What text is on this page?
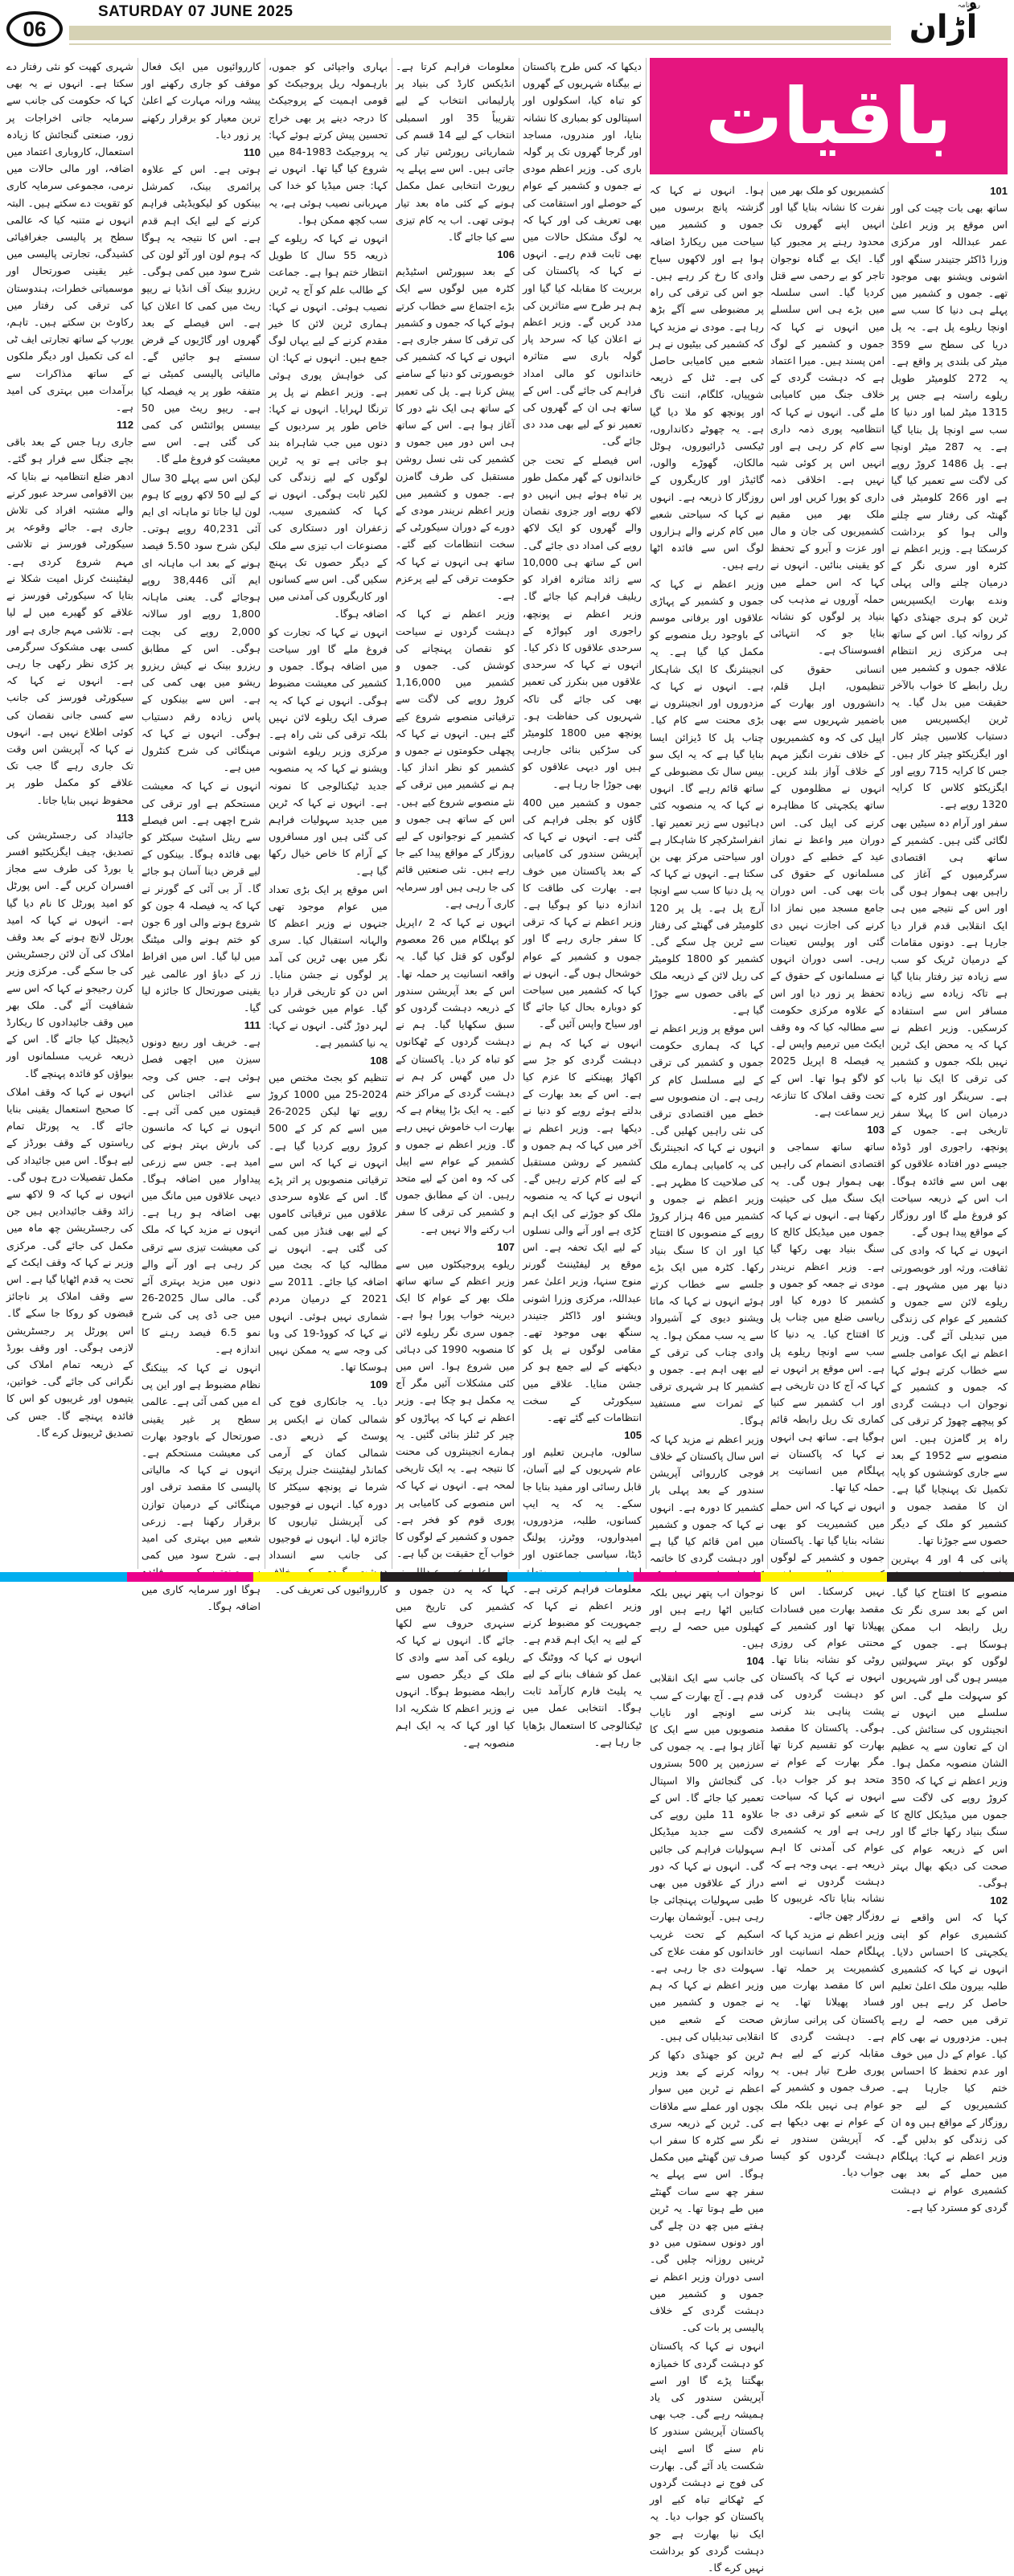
06
SATURDAY 07 JUNE 2025	روزنامہ
اُڑان
باقیات
101

ساتھ بھی بات چیت کی اور اس موقع پر وزیر اعلیٰ عمر عبداللہ اور مرکزی وزرا ڈاکٹر جتیندر سنگھ اور اشونی ویشنو بھی موجود تھے۔ جموں و کشمیر میں پہلے ہی دنیا کا سب سے اونچا ریلوے پل ہے۔ یہ پل دریا کی سطح سے 359 میٹر کی بلندی پر واقع ہے۔ یہ 272 کلومیٹر طویل ریلوے راستہ ہے جس پر 1315 میٹر لمبا اور دنیا کا سب سے اونچا پل بنایا گیا ہے۔ یہ 287 میٹر اونچا ہے۔ پل 1486 کروڑ روپے کی لاگت سے تعمیر کیا گیا ہے اور 266 کلومیٹر فی گھنٹہ کی رفتار سے چلنے والی ہوا کو برداشت کرسکتا ہے۔ وزیر اعظم نے کٹرہ اور سری نگر کے درمیان چلنے والی پہلی وندے بھارت ایکسپریس ٹرین کو ہری جھنڈی دکھا کر روانہ کیا۔ اس کے ساتھ ہی مرکزی زیر انتظام علاقہ جموں و کشمیر میں ریل رابطے کا خواب بالآخر حقیقت میں بدل گیا۔ یہ ٹرین ایکسپریس میں دستیاب کلاسیں چیئر کار اور ایگزیکٹو چیئر کار ہیں۔ جس کا کرایہ 715 روپے اور ایگزیکٹو کلاس کا کرایہ 1320 روپے ہے۔

سفر اور آرام دہ سیٹیں بھی لگائی گئی ہیں۔ کشمیر کے ساتھ ہی اقتصادی سرگرمیوں کے آغاز کی راہیں بھی ہموار ہوں گی اور اس کے نتیجے میں ہی ایک انقلابی قدم قرار دیا جارہا ہے۔ دونوں مقامات کے درمیان ٹریک کو سب سے زیادہ تیز رفتار بنایا گیا ہے تاکہ زیادہ سے زیادہ مسافر اس سے استفادہ کرسکیں۔ وزیر اعظم نے کہا کہ یہ محض ایک ٹرین نہیں بلکہ جموں و کشمیر کی ترقی کا ایک نیا باب ہے۔ سرینگر اور کٹرہ کے درمیان اس کا پہلا سفر تاریخی ہے۔ جموں کے پونچھ، راجوری اور ڈوڈہ جیسے دور افتادہ علاقوں کو بھی اس سے فائدہ ہوگا۔ اب اس کے ذریعہ سیاحت کو فروغ ملے گا اور روزگار کے مواقع پیدا ہوں گے۔

انہوں نے کہا کہ وادی کی ثقافت، ورثہ اور خوبصورتی دنیا بھر میں مشہور ہے۔ ریلوے لائن سے جموں و کشمیر کے عوام کی زندگی میں تبدیلی آئے گی۔ وزیر اعظم نے ایک عوامی جلسے سے خطاب کرتے ہوئے کہا کہ جموں و کشمیر کے نوجوان اب دہشت گردی کو پیچھے چھوڑ کر ترقی کی راہ پر گامزن ہیں۔ اس منصوبے سے 1952 کے بعد سے جاری کوششوں کو پایہ تکمیل تک پہنچایا گیا ہے۔ ان کا مقصد جموں و کشمیر کو ملک کے دیگر حصوں سے جوڑنا تھا۔

پانی کی 4 اور 4 بہترین منصوبے کا افتتاح کیا گیا۔ اس کے بعد سری نگر تک ریل رابطہ اب ممکن ہوسکا ہے۔ جموں کے لوگوں کو بہتر سہولتیں میسر ہوں گی اور شہریوں کو سہولت ملے گی۔ اس سلسلے میں انہوں نے انجینئروں کی ستائش کی۔ ان کے تعاون سے یہ عظیم الشان منصوبہ مکمل ہوا۔ وزیر اعظم نے کہا کہ 350 کروڑ روپے کی لاگت سے جموں میں میڈیکل کالج کا سنگ بنیاد رکھا جائے گا اور اس کے ذریعہ عوام کی صحت کی دیکھ بھال بہتر ہوگی۔

102

کہا کہ اس واقعے نے کشمیری عوام کو اپنی یکجہتی کا احساس دلایا۔ انہوں نے کہا کہ کشمیری طلبہ بیرون ملک اعلیٰ تعلیم حاصل کر رہے ہیں اور ترقی میں حصہ لے رہے ہیں۔ مزدوروں نے بھی کام کیا۔ عوام کے دل میں خوف اور عدم تحفظ کا احساس ختم کیا جارہا ہے۔ کشمیریوں کے لیے جو روزگار کے مواقع ہیں وہ ان کی زندگی کو بدلیں گے۔ وزیر اعظم نے کہا: پہلگام میں حملے کے بعد بھی کشمیری عوام نے دہشت گردی کو مسترد کیا ہے۔

کشمیریوں کو ملک بھر میں نفرت کا نشانہ بنایا گیا اور انہیں اپنے گھروں تک محدود رہنے پر مجبور کیا گیا۔ ایک بے گناہ نوجوان تاجر کو بے رحمی سے قتل کردیا گیا۔ اسی سلسلہ میں بڑے ہی اس سلسلے میں انہوں نے کہا کہ جموں و کشمیر کے لوگ امن پسند ہیں۔ میرا اعتماد ہے کہ دہشت گردی کے خلاف جنگ میں کامیابی ملے گی۔ انہوں نے کہا کہ انتظامیہ پوری ذمہ داری سے کام کر رہی ہے اور انہیں اس پر کوئی شبہ نہیں ہے۔ اخلاقی ذمہ داری کو پورا کریں اور اس ملک بھر میں مقیم کشمیریوں کی جان و مال اور عزت و آبرو کے تحفظ کو یقینی بنائیں۔ انہوں نے کہا کہ اس حملے میں حملہ آوروں نے مذہب کی بنیاد پر لوگوں کو نشانہ بنایا جو کہ انتہائی افسوسناک ہے۔

انسانی حقوق کی تنظیموں، اہل قلم، دانشوروں اور بھارت کے باضمیر شہریوں سے بھی اپیل کی کہ وہ کشمیریوں کے خلاف نفرت انگیز مہم کے خلاف آواز بلند کریں۔ انہوں نے مظلوموں کے ساتھ یکجہتی کا مظاہرہ کرنے کی اپیل کی۔ اس دوران میر واعظ نے نماز عید کے خطبے کے دوران مسلمانوں کے حقوق کی بات بھی کی۔ اس دوران جامع مسجد میں نماز ادا کرنے کی اجازت نہیں دی گئی اور پولیس تعینات رہی۔ اسی دوران انہوں نے مسلمانوں کے حقوق کے تحفظ پر زور دیا اور اس کے علاوہ مرکزی حکومت سے مطالبہ کیا کہ وہ وقف ایکٹ میں ترمیم واپس لے۔ یہ فیصلہ 8 اپریل 2025 کو لاگو ہوا تھا۔ اس کے تحت وقف املاک کا تنازعہ زیر سماعت ہے۔

103

ساتھ ساتھ سماجی و اقتصادی انضمام کی راہیں بھی ہموار ہوں گی۔ یہ ایک سنگ میل کی حیثیت رکھتا ہے۔ انہوں نے کہا کہ جموں میں میڈیکل کالج کا سنگ بنیاد بھی رکھا گیا ہے۔ وزیر اعظم نریندر مودی نے جمعہ کو جموں و کشمیر کا دورہ کیا اور ریاسی ضلع میں چناب پل کا افتتاح کیا۔ یہ دنیا کا سب سے اونچا ریلوے پل ہے۔ اس موقع پر انہوں نے کہا کہ آج کا دن تاریخی ہے اور اب کشمیر سے کنیا کماری تک ریل رابطہ قائم ہوگیا ہے۔ ساتھ ہی انہوں نے کہا کہ پاکستان نے پہلگام میں انسانیت پر حملہ کیا تھا۔

انہوں نے کہا کہ اس حملے میں کشمیریت کو بھی نشانہ بنایا گیا تھا۔ پاکستان جموں و کشمیر کے لوگوں نہیں کرسکتا۔ اس کا مقصد بھارت میں فسادات پھیلانا تھا اور کشمیر کے محنتی عوام کی روزی روٹی کو نشانہ بنانا تھا۔ انہوں نے کہا کہ پاکستان کو دہشت گردوں کی پشت پناہی بند کرنی ہوگی۔ پاکستان کا مقصد بھارت کو تقسیم کرنا تھا مگر بھارت کے عوام نے متحد ہو کر جواب دیا۔ انہوں نے کہا کہ سیاحت کے شعبے کو ترقی دی جا رہی ہے اور یہ کشمیری عوام کی آمدنی کا اہم ذریعہ ہے۔ یہی وجہ ہے کہ دہشت گردوں نے اسے نشانہ بنایا تاکہ غریبوں کا روزگار چھن جائے۔

وزیر اعظم نے مزید کہا کہ پہلگام حملہ انسانیت اور کشمیریت پر حملہ تھا۔ اس کا مقصد بھارت میں فساد پھیلانا تھا۔ یہ پاکستان کی پرانی سازش ہے۔ دہشت گردی کا مقابلہ کرنے کے لیے ہم پوری طرح تیار ہیں۔ یہ صرف جموں و کشمیر کے عوام ہی نہیں بلکہ ملک کے عوام نے بھی دیکھا ہے کہ آپریشن سندور نے دہشت گردوں کو کیسا جواب دیا۔

ہوا۔ انہوں نے کہا کہ گزشتہ پانچ برسوں میں جموں و کشمیر میں سیاحت میں ریکارڈ اضافہ ہوا ہے اور لاکھوں سیاح وادی کا رخ کر رہے ہیں۔ جو اس کی ترقی کی راہ پر مضبوطی سے آگے بڑھ رہا ہے۔ مودی نے مزید کہا کہ کشمیر کی بیٹیوں نے ہر شعبے میں کامیابی حاصل کی ہے۔ ٹنل کے ذریعہ شوپیاں، کلگام، اننت ناگ اور پونچھ کو ملا دیا گیا ہے۔ یہ چھوٹے دکانداروں، ٹیکسی ڈرائیوروں، ہوٹل مالکان، گھوڑے والوں، گائیڈز اور کاریگروں کے روزگار کا ذریعہ ہے۔ انہوں نے کہا کہ سیاحتی شعبے میں کام کرنے والے ہزاروں لوگ اس سے فائدہ اٹھا رہے ہیں۔

وزیر اعظم نے کہا کہ جموں و کشمیر کے پہاڑی علاقوں اور برفانی موسم کے باوجود ریل منصوبے کو مکمل کیا گیا ہے۔ یہ انجینئرنگ کا ایک شاہکار ہے۔ انہوں نے کہا کہ مزدوروں اور انجینئروں نے بڑی محنت سے کام کیا۔ چناب پل کا ڈیزائن ایسا بنایا گیا ہے کہ یہ ایک سو بیس سال تک مضبوطی کے ساتھ قائم رہے گا۔ انہوں نے کہا کہ یہ منصوبہ کئی دہائیوں سے زیر تعمیر تھا۔ انفراسٹرکچر کا شاہکار ہے اور سیاحتی مرکز بھی بن سکتا ہے۔ انہوں نے کہا کہ یہ پل دنیا کا سب سے اونچا آرچ پل ہے۔ پل پر 120 کلومیٹر فی گھنٹے کی رفتار سے ٹرین چل سکے گی۔ کشمیر کو 1800 کلومیٹر کی ریل لائن کے ذریعہ ملک کے باقی حصوں سے جوڑا گیا ہے۔

اس موقع پر وزیر اعظم نے کہا کہ ہماری حکومت جموں و کشمیر کی ترقی کے لیے مسلسل کام کر رہی ہے۔ ان منصوبوں سے خطے میں اقتصادی ترقی کی نئی راہیں کھلیں گی۔ انہوں نے کہا کہ انجینئرنگ کی یہ کامیابی ہمارے ملک کی صلاحیت کا مظہر ہے۔ وزیر اعظم نے جموں و کشمیر میں 46 ہزار کروڑ روپے کے منصوبوں کا افتتاح کیا اور ان کا سنگ بنیاد رکھا۔ کٹرہ میں ایک بڑے جلسے سے خطاب کرتے ہوئے انہوں نے کہا کہ ماتا ویشنو دیوی کے آشیرواد سے یہ سب ممکن ہوا۔ یہ وادی چناب کی ترقی کے لیے بھی اہم ہے۔ جموں و کشمیر کا ہر شہری ترقی کے ثمرات سے مستفید ہوگا۔

وزیر اعظم نے مزید کہا کہ اس سال پاکستان کے خلاف فوجی کارروائی آپریشن سندور کے بعد پہلی بار کشمیر کا دورہ ہے۔ انہوں نے کہا کہ جموں و کشمیر میں امن قائم کیا گیا ہے اور دہشت گردی کا خاتمہ نوجوان اب پتھر نہیں بلکہ کتابیں اٹھا رہے ہیں اور کھیلوں میں حصہ لے رہے ہیں۔

104

کی جانب سے ایک انقلابی قدم ہے۔ آج بھارت کے سب سے اونچے اور نایاب منصوبوں میں سے ایک کا آغاز ہوا ہے۔ یہ جموں کی سرزمین پر 500 بستروں کی گنجائش والا اسپتال تعمیر کیا جائے گا۔ اس کے علاوہ 11 ملین روپے کی لاگت سے جدید میڈیکل سہولیات فراہم کی جائیں گی۔ انہوں نے کہا کہ دور دراز کے علاقوں میں بھی طبی سہولیات پہنچائی جا رہی ہیں۔ آیوشمان بھارت اسکیم کے تحت غریب خاندانوں کو مفت علاج کی سہولت دی جا رہی ہے۔ وزیر اعظم نے کہا کہ ہم نے جموں و کشمیر میں صحت کے شعبے میں انقلابی تبدیلیاں کی ہیں۔

ٹرین کو جھنڈی دکھا کر روانہ کرنے کے بعد وزیر اعظم نے ٹرین میں سوار بچوں اور عملے سے ملاقات کی۔ ٹرین کے ذریعہ سری نگر سے کٹرہ کا سفر اب صرف تین گھنٹے میں مکمل ہوگا۔ اس سے پہلے یہ سفر چھ سے سات گھنٹے میں طے ہوتا تھا۔ یہ ٹرین ہفتے میں چھ دن چلے گی اور دونوں سمتوں میں دو ٹرینیں روزانہ چلیں گی۔ اسی دوران وزیر اعظم نے جموں و کشمیر میں دہشت گردی کے خلاف پالیسی پر بات کی۔

انہوں نے کہا کہ پاکستان کو دہشت گردی کا خمیازہ بھگتنا پڑے گا اور اسے آپریشن سندور کی یاد ہمیشہ رہے گی۔ جب بھی پاکستان آپریشن سندور کا نام سنے گا اسے اپنی شکست یاد آئے گی۔ بھارت کی فوج نے دہشت گردوں کے ٹھکانے تباہ کیے اور پاکستان کو جواب دیا۔ یہ ایک نیا بھارت ہے جو دہشت گردی کو برداشت نہیں کرے گا۔

دیکھا کہ کس طرح پاکستان نے بیگناہ شہریوں کے گھروں کو تباہ کیا، اسکولوں اور اسپتالوں کو بمباری کا نشانہ بنایا، اور مندروں، مساجد اور گرجا گھروں تک پر گولہ باری کی۔ وزیر اعظم مودی نے جموں و کشمیر کے عوام کے حوصلے اور استقامت کی بھی تعریف کی اور کہا کہ یہ لوگ مشکل حالات میں بھی ثابت قدم رہے۔ انہوں نے کہا کہ پاکستان کی بربریت کا مقابلہ کیا گیا اور ہم ہر طرح سے متاثرین کی مدد کریں گے۔ وزیر اعظم نے اعلان کیا کہ سرحد پار گولہ باری سے متاثرہ خاندانوں کو مالی امداد فراہم کی جائے گی۔ اس کے ساتھ ہی ان کے گھروں کی تعمیر نو کے لیے بھی مدد دی جائے گی۔

اس فیصلے کے تحت جن خاندانوں کے گھر مکمل طور پر تباہ ہوئے ہیں انہیں دو لاکھ روپے اور جزوی نقصان والے گھروں کو ایک لاکھ روپے کی امداد دی جائے گی۔ اس کے ساتھ ہی 10,000 سے زائد متاثرہ افراد کو ریلیف فراہم کیا جائے گا۔ وزیر اعظم نے پونچھ، راجوری اور کپواڑہ کے سرحدی علاقوں کا ذکر کیا۔ انہوں نے کہا کہ سرحدی علاقوں میں بنکرز کی تعمیر بھی کی جائے گی تاکہ شہریوں کی حفاظت ہو۔ پونچھ میں 1800 کلومیٹر کی سڑکیں بنائی جارہی ہیں اور دیہی علاقوں کو بھی جوڑا جا رہا ہے۔

جموں و کشمیر میں 400 گاؤں کو بجلی فراہم کی گئی ہے۔ انہوں نے کہا کہ آپریشن سندور کی کامیابی کے بعد پاکستان میں خوف ہے۔ بھارت کی طاقت کا اندازہ دنیا کو ہوگیا ہے۔ وزیر اعظم نے کہا کہ ترقی کا سفر جاری رہے گا اور جموں و کشمیر کے عوام خوشحال ہوں گے۔ انہوں نے کہا کہ کشمیر میں سیاحت کو دوبارہ بحال کیا جائے گا اور سیاح واپس آئیں گے۔

انہوں نے کہا کہ ہم نے دہشت گردی کو جڑ سے اکھاڑ پھینکنے کا عزم کیا ہے۔ اس کے بعد بھارت کے بدلتے ہوئے رویے کو دنیا نے دیکھا ہے۔ وزیر اعظم نے آخر میں کہا کہ ہم جموں و کشمیر کے روشن مستقبل کے لیے کام کرتے رہیں گے۔ انہوں نے کہا کہ یہ منصوبہ ملک کو جوڑنے کی ایک اہم کڑی ہے اور آنے والی نسلوں کے لیے ایک تحفہ ہے۔ اس موقع پر لیفٹیننٹ گورنر منوج سنہا، وزیر اعلیٰ عمر عبداللہ، مرکزی وزرا اشونی ویشنو اور ڈاکٹر جتیندر سنگھ بھی موجود تھے۔ مقامی لوگوں نے پل کو دیکھنے کے لیے جمع ہو کر جشن منایا۔ علاقے میں سیکورٹی کے سخت انتظامات کیے گئے تھے۔

105

سالوں، ماہرین تعلیم اور عام شہریوں کے لیے آسان، قابل رسائی اور مفید بنایا جا سکے۔ یہ کہ یہ ایپ کسانوں، طلبہ، مزدوروں، امیدواروں، ووٹرز، پولنگ ڈیٹا، سیاسی جماعتوں اور معلومات فراہم کرتی ہے۔ وزیر اعظم نے کہا کہ جمہوریت کو مضبوط کرنے کے لیے یہ ایک اہم قدم ہے۔ انہوں نے کہا کہ ووٹنگ کے عمل کو شفاف بنانے کے لیے یہ پلیٹ فارم کارآمد ثابت ہوگا۔ انتخابی عمل میں ٹیکنالوجی کا استعمال بڑھایا جا رہا ہے۔

معلومات فراہم کرتا ہے۔ انڈیکس کارڈ کی بنیاد پر پارلیمانی انتخاب کے لیے تقریباً 35 اور اسمبلی انتخاب کے لیے 14 قسم کی شماریاتی رپورٹس تیار کی جاتی ہیں۔ اس سے پہلے یہ رپورٹ انتخابی عمل مکمل ہونے کے کئی ماہ بعد تیار ہوتی تھی۔ اب یہ کام تیزی سے کیا جائے گا۔

106

کے بعد سپورٹس اسٹیڈیم کٹرہ میں لوگوں سے ایک بڑے اجتماع سے خطاب کرتے ہوئے کہا کہ جموں و کشمیر کی ترقی کا سفر جاری ہے۔ انہوں نے کہا کہ کشمیر کی خوبصورتی کو دنیا کے سامنے پیش کرنا ہے۔ پل کی تعمیر کے ساتھ ہی ایک نئے دور کا آغاز ہوا ہے۔ اس کے ساتھ ہی اس دور میں جموں و کشمیر کی نئی نسل روشن مستقبل کی طرف گامزن ہے۔ جموں و کشمیر میں وزیر اعظم نریندر مودی کے دورے کے دوران سیکورٹی کے سخت انتظامات کیے گئے۔ ساتھ ہی انہوں نے کہا کہ حکومت ترقی کے لیے پرعزم ہے۔

وزیر اعظم نے کہا کہ دہشت گردوں نے سیاحت کو نقصان پہنچانے کی کوشش کی۔ جموں و کشمیر میں 1,16,000 کروڑ روپے کی لاگت سے ترقیاتی منصوبے شروع کیے گئے ہیں۔ انہوں نے کہا کہ پچھلی حکومتوں نے جموں و کشمیر کو نظر انداز کیا۔ ہم نے کشمیر میں ترقی کے نئے منصوبے شروع کیے ہیں۔ اس کے ساتھ ہی جموں و کشمیر کے نوجوانوں کے لیے روزگار کے مواقع پیدا کیے جا رہے ہیں۔ نئی صنعتیں قائم کی جا رہی ہیں اور سرمایہ کاری آ رہی ہے۔

انہوں نے کہا کہ 2 ؍اپریل کو پہلگام میں 26 معصوم لوگوں کو قتل کیا گیا۔ یہ واقعہ انسانیت پر حملہ تھا۔ اس کے بعد آپریشن سندور کے ذریعہ دہشت گردوں کو سبق سکھایا گیا۔ ہم نے دہشت گردوں کے ٹھکانوں کو تباہ کر دیا۔ پاکستان کے دل میں گھس کر ہم نے دہشت گردی کے مراکز ختم کیے۔ یہ ایک بڑا پیغام ہے کہ بھارت اب خاموش نہیں رہے گا۔ وزیر اعظم نے جموں و کشمیر کے عوام سے اپیل کی کہ وہ امن کے لیے متحد رہیں۔ ان کے مطابق جموں و کشمیر کی ترقی کا سفر اب رکنے والا نہیں ہے۔

107

ریلوے پروجیکٹوں میں سے وزیر اعظم کے ساتھ ساتھ ملک بھر کے عوام کا ایک دیرینہ خواب پورا ہوا ہے۔ جموں سری نگر ریلوے لائن کا منصوبہ 1990 کی دہائی میں شروع ہوا۔ اس میں کئی مشکلات آئیں مگر آج یہ مکمل ہو چکا ہے۔ وزیر اعظم نے کہا کہ پہاڑوں کو چیر کر ٹنلز بنائی گئیں۔ یہ ہمارے انجینئروں کی محنت کا نتیجہ ہے۔ یہ ایک تاریخی لمحہ ہے۔ انہوں نے کہا کہ اس منصوبے کی کامیابی پر پوری قوم کو فخر ہے۔ جموں و کشمیر کے لوگوں کا خواب آج حقیقت بن گیا ہے۔

کہا کہ یہ دن جموں و کشمیر کی تاریخ میں سنہری حروف سے لکھا جائے گا۔ انہوں نے کہا کہ ریلوے کی آمد سے وادی کا ملک کے دیگر حصوں سے رابطہ مضبوط ہوگا۔ انہوں نے وزیر اعظم کا شکریہ ادا کیا اور کہا کہ یہ ایک اہم منصوبہ ہے۔

بہاری واجپائی کو جموں، بارہمولہ ریل پروجیکٹ کو قومی اہمیت کے پروجیکٹ کا درجہ دینے پر بھی خراج تحسین پیش کرتے ہوئے کہا: یہ پروجیکٹ 1983-84 میں شروع کیا گیا تھا۔ انہوں نے کہا: جس میڈیا کو خدا کی مہربانی نصیب ہوئی ہے، یہ سب کچھ ممکن ہوا۔

انہوں نے کہا کہ ریلوے کے ذریعہ 55 سال کا طویل انتظار ختم ہوا ہے۔ جماعت کے طالب علم کو آج یہ ٹرین نصیب ہوئی۔ انہوں نے کہا: ہماری ٹرین لائن کا خیر مقدم کرنے کے لیے یہاں لوگ جمع ہیں۔ انہوں نے کہا: ان کی خواہش پوری ہوئی ہے۔ وزیر اعظم نے پل پر ترنگا لہرایا۔ انہوں نے کہا: خاص طور پر سردیوں کے دنوں میں جب شاہراہ بند ہو جاتی ہے تو یہ ٹرین لوگوں کے لیے زندگی کی لکیر ثابت ہوگی۔ انہوں نے کہا کہ کشمیری سیب، زعفران اور دستکاری کی مصنوعات اب تیزی سے ملک کے دیگر حصوں تک پہنچ سکیں گی۔ اس سے کسانوں اور کاریگروں کی آمدنی میں اضافہ ہوگا۔

انہوں نے کہا کہ تجارت کو فروغ ملے گا اور سیاحت میں اضافہ ہوگا۔ جموں و کشمیر کی معیشت مضبوط ہوگی۔ انہوں نے کہا کہ یہ صرف ایک ریلوے لائن نہیں بلکہ ترقی کی نئی راہ ہے۔ مرکزی وزیر ریلوے اشونی ویشنو نے کہا کہ یہ منصوبہ جدید ٹیکنالوجی کا نمونہ ہے۔ انہوں نے کہا کہ ٹرین میں جدید سہولیات فراہم کی گئی ہیں اور مسافروں کے آرام کا خاص خیال رکھا گیا ہے۔

اس موقع پر ایک بڑی تعداد میں عوام موجود تھی جنہوں نے وزیر اعظم کا والہانہ استقبال کیا۔ سری نگر میں بھی ٹرین کی آمد پر لوگوں نے جشن منایا۔ اس دن کو تاریخی قرار دیا گیا۔ عوام میں خوشی کی لہر دوڑ گئی۔ انہوں نے کہا: یہ نیا کشمیر ہے۔

108

تنظیم کو بجٹ مختص میں 2024-25 میں 1000 کروڑ روپے تھا لیکن 2025-26 میں اسے کم کر کے 500 کروڑ روپے کردیا گیا ہے۔ انہوں نے کہا کہ اس سے ترقیاتی منصوبوں پر اثر پڑے گا۔ اس کے علاوہ سرحدی علاقوں میں ترقیاتی کاموں کے لیے بھی فنڈز میں کمی کی گئی ہے۔ انہوں نے مطالبہ کیا کہ بجٹ میں اضافہ کیا جائے۔ 2011 سے 2021 کے درمیان مردم شماری نہیں ہوئی۔ انہوں نے کہا کہ کووڈ-19 کی وبا کی وجہ سے یہ ممکن نہیں ہوسکا تھا۔

109

دیا۔ یہ جانکاری فوج کی شمالی کمان نے ایکس پر پوسٹ کے ذریعے دی۔ شمالی کمان کے آرمی کمانڈر لیفٹیننٹ جنرل پرتیک شرما نے پونچھ سیکٹر کا دورہ کیا۔ انہوں نے فوجیوں کی آپریشنل تیاریوں کا جائزہ لیا۔ انہوں نے فوجیوں کی جانب سے انسداد کارروائیوں کی تعریف کی۔

کارروائیوں میں ایک فعال موقف کو جاری رکھنے اور پیشہ ورانہ مہارت کے اعلیٰ ترین معیار کو برقرار رکھنے پر زور دیا۔

110

ہوتی ہے۔ اس کے علاوہ پرائمری بینک، کمرشل بینکوں کو لیکویڈیٹی فراہم کرنے کے لیے ایک اہم قدم ہے۔ اس کا نتیجہ یہ ہوگا کہ ہوم لون اور آٹو لون کی شرح سود میں کمی ہوگی۔ ریزرو بینک آف انڈیا نے ریپو ریٹ میں کمی کا اعلان کیا ہے۔ اس فیصلے کے بعد گھروں اور گاڑیوں کے قرض سستے ہو جائیں گے۔ مالیاتی پالیسی کمیٹی نے متفقہ طور پر یہ فیصلہ کیا ہے۔ ریپو ریٹ میں 50 بیسس پوائنٹس کی کمی کی گئی ہے۔ اس سے معیشت کو فروغ ملے گا۔

لیکن اس سے پہلے 30 سال کے لیے 50 لاکھ روپے کا ہوم لون لیا جاتا تو ماہانہ ای ایم آئی 40,231 روپے ہوتی۔ لیکن شرح سود 5.50 فیصد ہونے کے بعد اب ماہانہ ای ایم آئی 38,446 روپے ہوجائے گی۔ یعنی ماہانہ 1,800 روپے اور سالانہ 2,000 روپے کی بچت ہوگی۔ اس کے مطابق ریزرو بینک نے کیش ریزرو ریشو میں بھی کمی کی ہے۔ اس سے بینکوں کے پاس زیادہ رقم دستیاب ہوگی۔ انہوں نے کہا کہ مہنگائی کی شرح کنٹرول میں ہے۔

انہوں نے کہا کہ معیشت مستحکم ہے اور ترقی کی شرح اچھی ہے۔ اس فیصلے سے ریئل اسٹیٹ سیکٹر کو بھی فائدہ ہوگا۔ بینکوں کے لیے قرض دینا آسان ہو جائے گا۔ آر بی آئی کے گورنر نے کہا کہ یہ فیصلہ 4 جون کو شروع ہونے والی اور 6 جون کو ختم ہونے والی میٹنگ میں لیا گیا۔ اس میں افراط زر کے دباؤ اور عالمی غیر یقینی صورتحال کا جائزہ لیا گیا۔

111

ہے۔ خریف اور ربیع دونوں سیزن میں اچھی فصل ہوئی ہے۔ جس کی وجہ سے غذائی اجناس کی قیمتوں میں کمی آئی ہے۔ انہوں نے کہا کہ مانسون کی بارش بہتر ہونے کی امید ہے۔ جس سے زرعی پیداوار میں اضافہ ہوگا۔ دیہی علاقوں میں مانگ میں بھی اضافہ ہو رہا ہے۔ انہوں نے مزید کہا کہ ملک کی معیشت تیزی سے ترقی کر رہی ہے اور آنے والے دنوں میں مزید بہتری آئے گی۔ مالی سال 2025-26 میں جی ڈی پی کی شرح نمو 6.5 فیصد رہنے کا اندازہ ہے۔

انہوں نے کہا کہ بینکنگ نظام مضبوط ہے اور این پی اے میں کمی آئی ہے۔ عالمی سطح پر غیر یقینی صورتحال کے باوجود بھارت کی معیشت مستحکم ہے۔ انہوں نے کہا کہ مالیاتی پالیسی کا مقصد ترقی اور مہنگائی کے درمیان توازن برقرار رکھنا ہے۔ زرعی شعبے میں بہتری کی امید ہے۔ شرح سود میں کمی ہوگا اور سرمایہ کاری میں اضافہ ہوگا۔

شہری کھپت کو نئی رفتار دے سکتا ہے۔ انہوں نے یہ بھی کہا کہ حکومت کی جانب سے سرمایہ جاتی اخراجات پر زور، صنعتی گنجائش کا زیادہ استعمال، کاروباری اعتماد میں اضافہ، اور مالی حالات میں نرمی، مجموعی سرمایہ کاری کو تقویت دے سکتے ہیں۔ البتہ انہوں نے متنبہ کیا کہ عالمی سطح پر پالیسی جغرافیائی کشیدگی، تجارتی پالیسی میں غیر یقینی صورتحال اور موسمیاتی خطرات، ہندوستان کی ترقی کی رفتار میں رکاوٹ بن سکتے ہیں۔ تاہم، یورپ کے ساتھ تجارتی ایف ٹی اے کی تکمیل اور دیگر ملکوں کے ساتھ مذاکرات سے برآمدات میں بہتری کی امید ہے۔

112

جاری رہا جس کے بعد باقی بچے جنگل سے فرار ہو گئے۔ ادھر ضلع انتظامیہ نے بتایا کہ بین الاقوامی سرحد عبور کرنے والے مشتبہ افراد کی تلاش جاری ہے۔ جائے وقوعہ پر سیکورٹی فورسز نے تلاشی مہم شروع کردی ہے۔ لیفٹیننٹ کرنل امیت شکلا نے بتایا کہ سیکورٹی فورسز نے علاقے کو گھیرے میں لے لیا ہے۔ تلاشی مہم جاری ہے اور کسی بھی مشکوک سرگرمی پر کڑی نظر رکھی جا رہی ہے۔ انہوں نے کہا کہ سیکورٹی فورسز کی جانب سے کسی جانی نقصان کی کوئی اطلاع نہیں ہے۔ انہوں نے کہا کہ آپریشن اس وقت تک جاری رہے گا جب تک علاقے کو مکمل طور پر محفوظ نہیں بنایا جاتا۔

113

جائیداد کی رجسٹریشن کی تصدیق، چیف ایگزیکٹیو افسر یا بورڈ کی طرف سے مجاز افسران کریں گے۔ اس پورٹل کو امید پورٹل کا نام دیا گیا ہے۔ انہوں نے کہا کہ امید پورٹل لانچ ہونے کے بعد وقف املاک کی آن لائن رجسٹریشن کی جا سکے گی۔ مرکزی وزیر کرن رجیجو نے کہا کہ اس سے شفافیت آئے گی۔ ملک بھر میں وقف جائیدادوں کا ریکارڈ ڈیجیٹل کیا جائے گا۔ اس کے ذریعہ غریب مسلمانوں اور بیواؤں کو فائدہ پہنچے گا۔

انہوں نے کہا کہ وقف املاک کا صحیح استعمال یقینی بنایا جائے گا۔ یہ پورٹل تمام ریاستوں کے وقف بورڈز کے لیے ہوگا۔ اس میں جائیداد کی مکمل تفصیلات درج ہوں گی۔ انہوں نے کہا کہ 9 لاکھ سے زائد وقف جائیدادیں ہیں جن کی رجسٹریشن چھ ماہ میں مکمل کی جائے گی۔ مرکزی وزیر نے کہا کہ وقف ایکٹ کے تحت یہ قدم اٹھایا گیا ہے۔ اس سے وقف املاک پر ناجائز قبضوں کو روکا جا سکے گا۔ اس پورٹل پر رجسٹریشن لازمی ہوگی۔ اور وقف بورڈ کے ذریعہ تمام املاک کی نگرانی کی جائے گی۔ خواتین، یتیموں اور غریبوں کو اس کا فائدہ پہنچے گا۔ جس کی تصدیق ٹریبونل کرے گا۔
